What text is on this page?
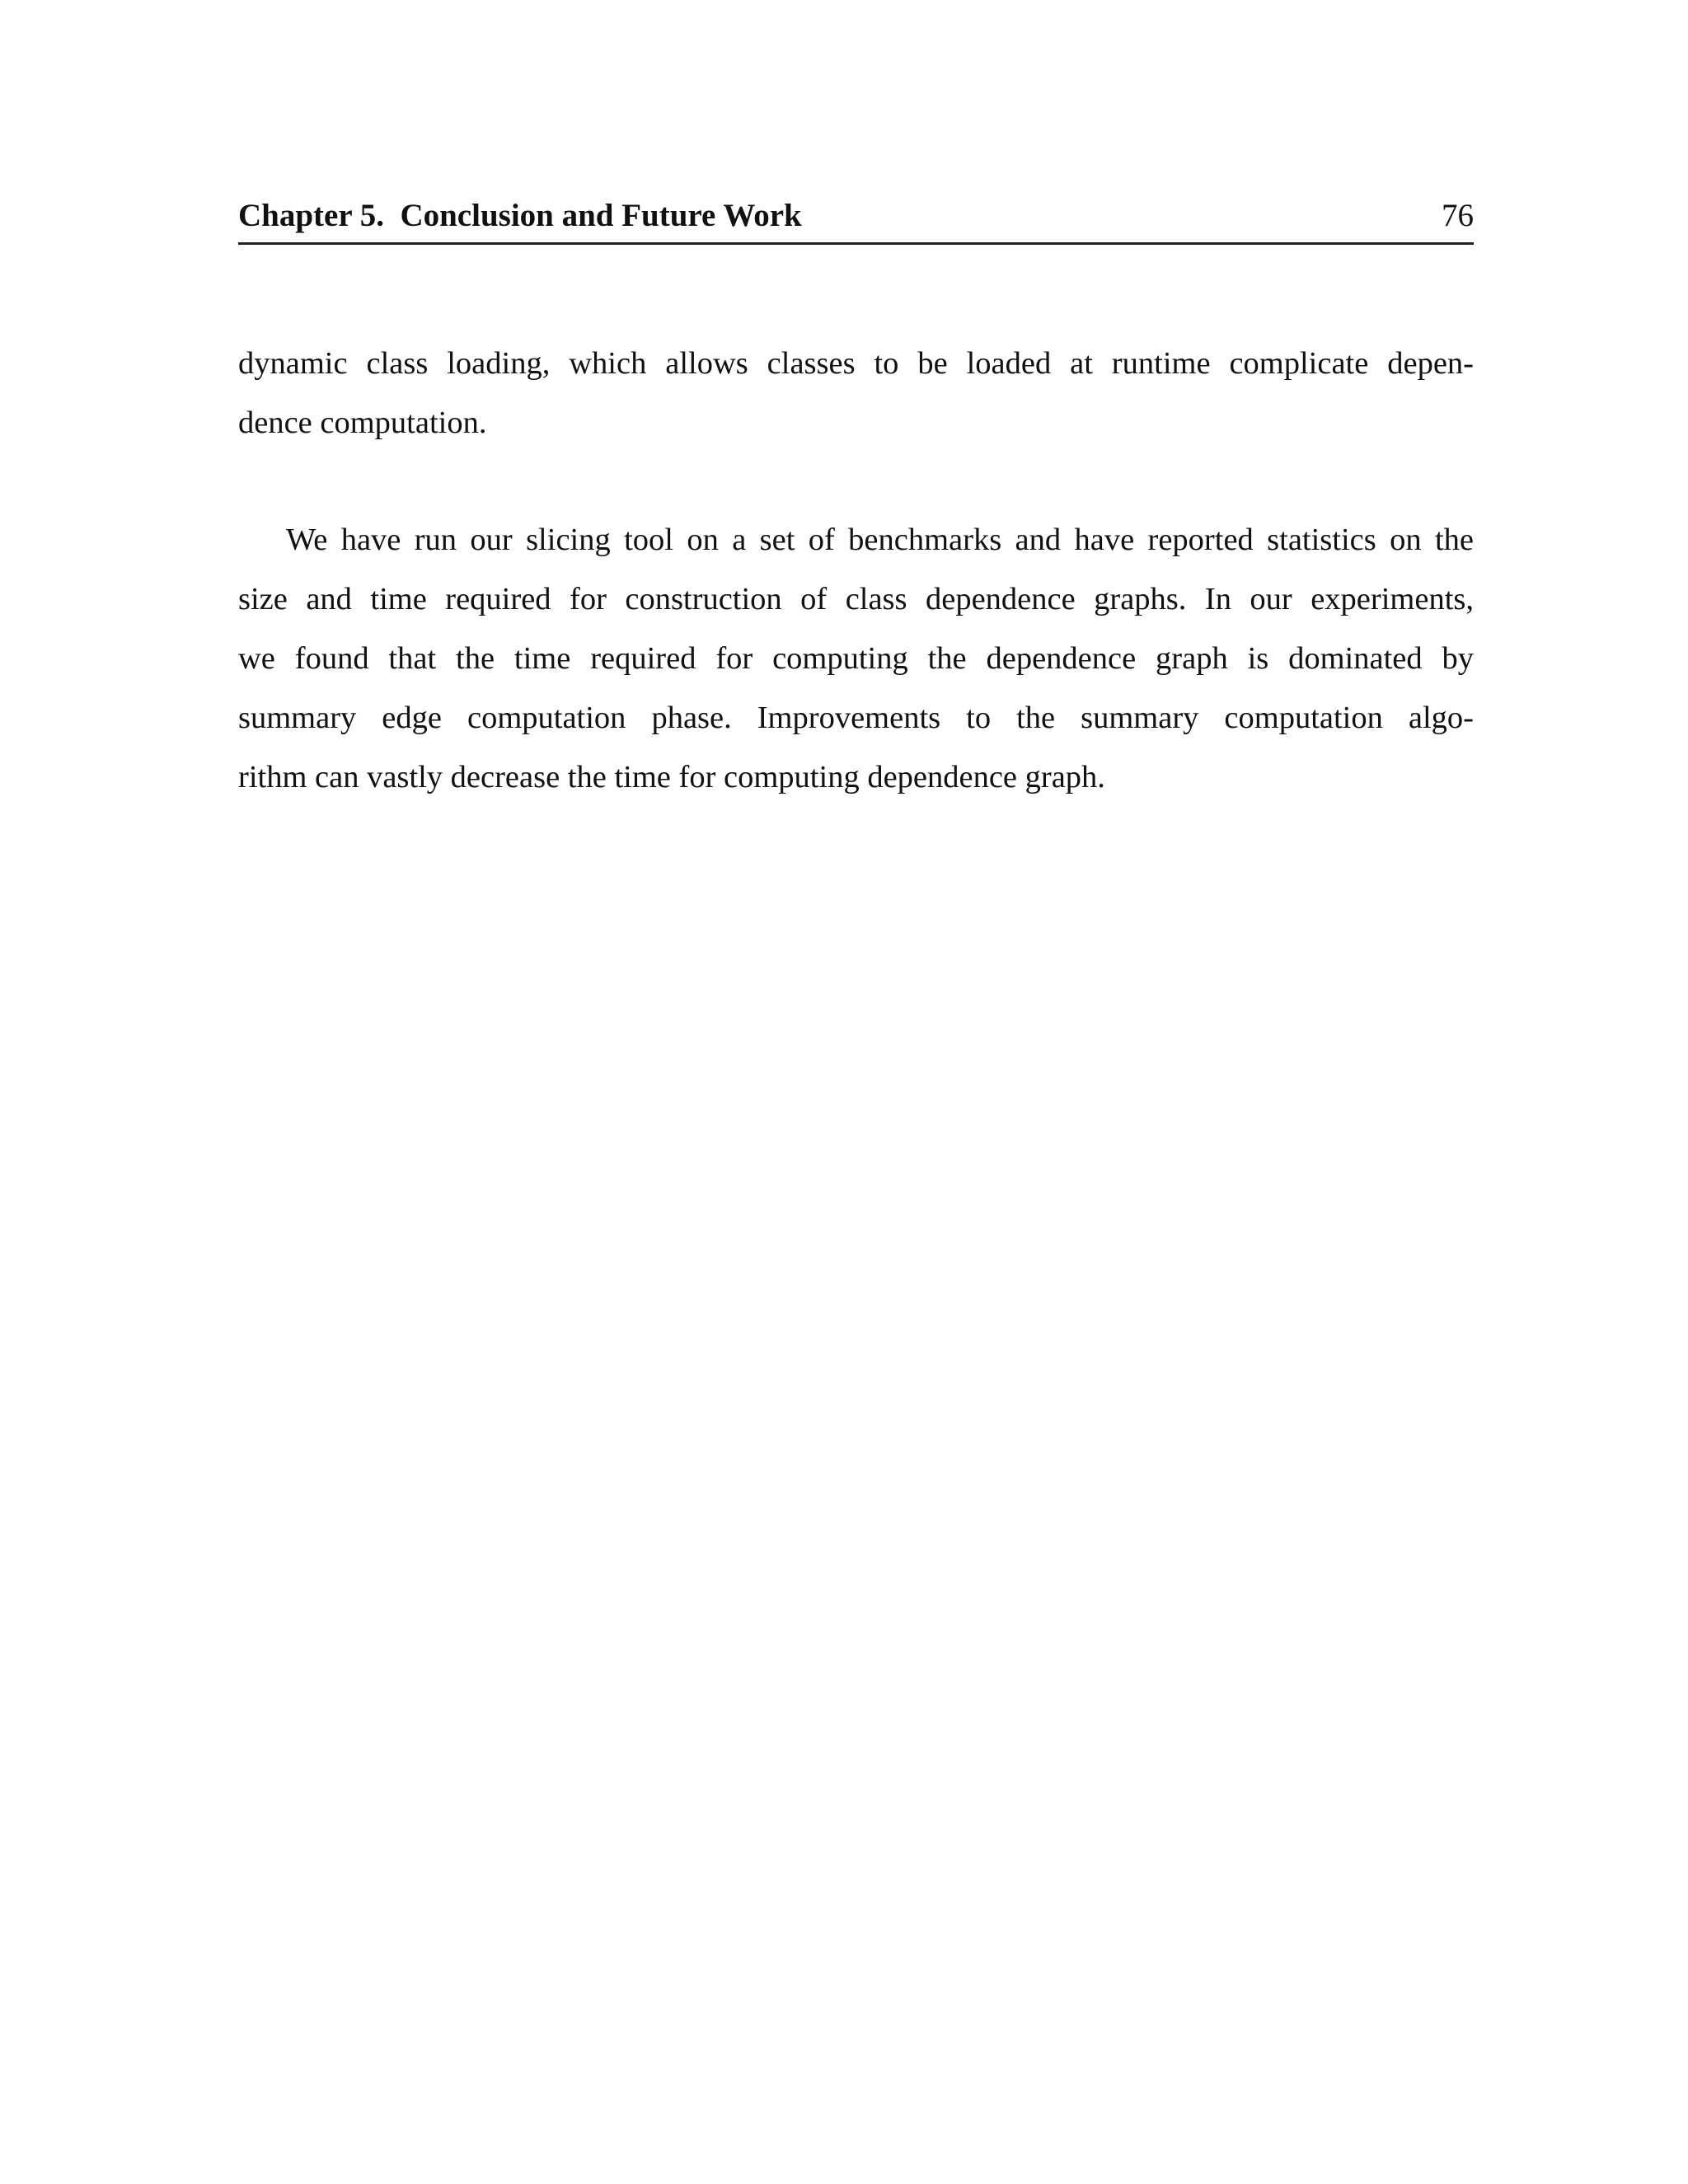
Chapter 5.  Conclusion and Future Work	76
dynamic class loading, which allows classes to be loaded at runtime complicate depen-
dence computation.
We have run our slicing tool on a set of benchmarks and have reported statistics on the
size and time required for construction of class dependence graphs. In our experiments,
we found that the time required for computing the dependence graph is dominated by
summary edge computation phase. Improvements to the summary computation algo-
rithm can vastly decrease the time for computing dependence graph.
